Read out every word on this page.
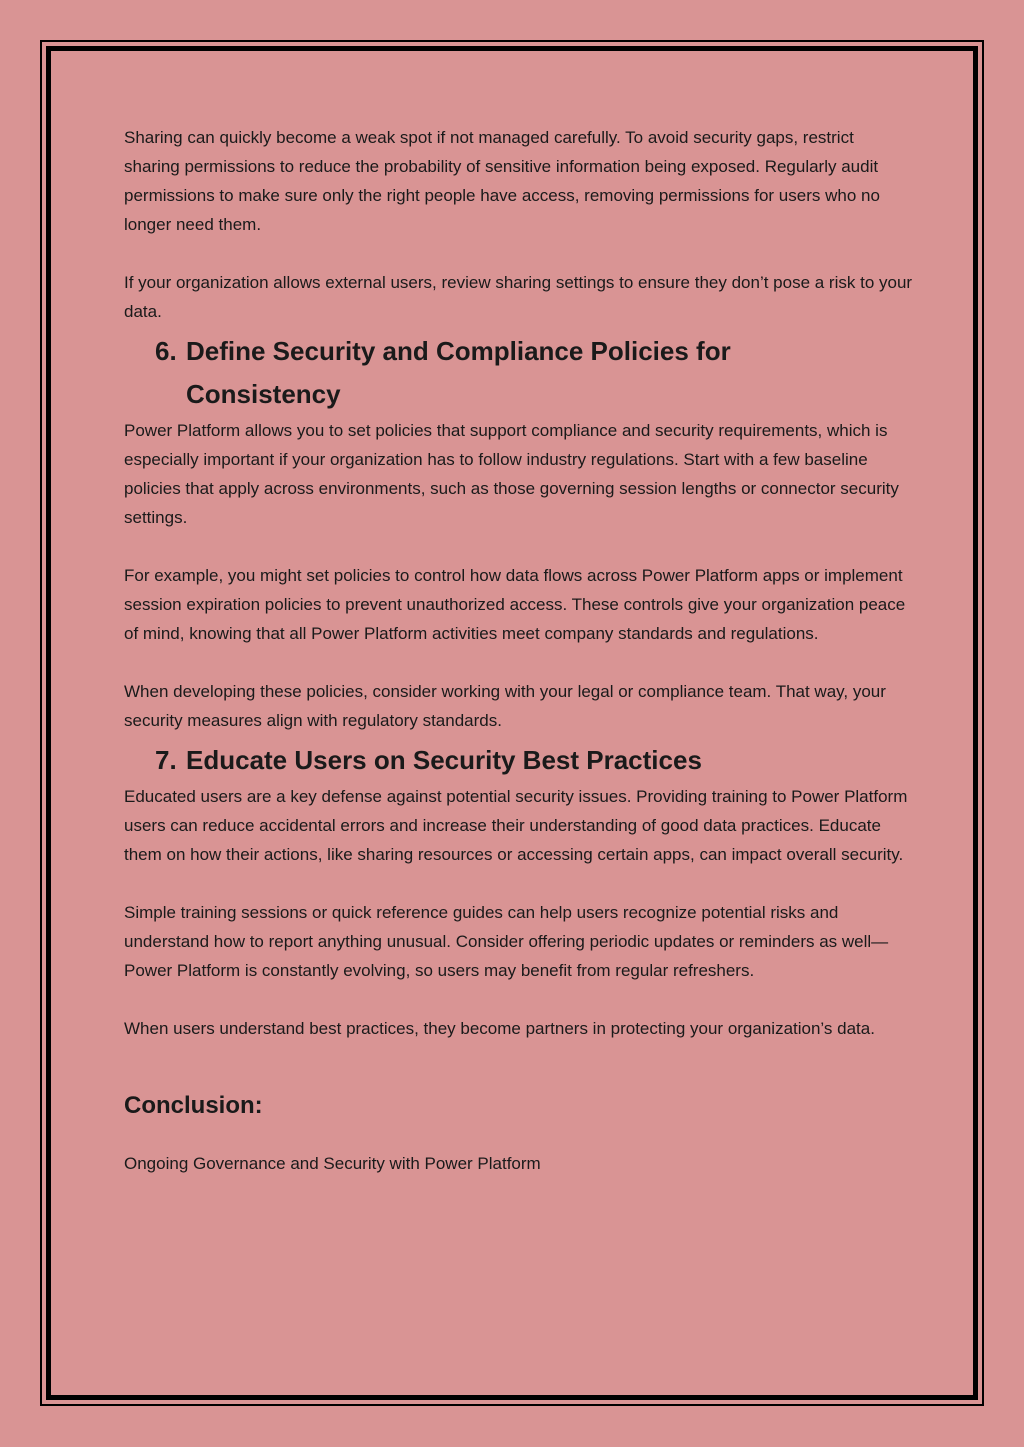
Sharing can quickly become a weak spot if not managed carefully. To avoid security gaps, restrict sharing permissions to reduce the probability of sensitive information being exposed. Regularly audit permissions to make sure only the right people have access, removing permissions for users who no longer need them.

If your organization allows external users, review sharing settings to ensure they don’t pose a risk to your data.

6. Define Security and Compliance Policies for Consistency

Power Platform allows you to set policies that support compliance and security requirements, which is especially important if your organization has to follow industry regulations. Start with a few baseline policies that apply across environments, such as those governing session lengths or connector security settings.

For example, you might set policies to control how data flows across Power Platform apps or implement session expiration policies to prevent unauthorized access. These controls give your organization peace of mind, knowing that all Power Platform activities meet company standards and regulations.

When developing these policies, consider working with your legal or compliance team. That way, your security measures align with regulatory standards.

7. Educate Users on Security Best Practices

Educated users are a key defense against potential security issues. Providing training to Power Platform users can reduce accidental errors and increase their understanding of good data practices. Educate them on how their actions, like sharing resources or accessing certain apps, can impact overall security.

Simple training sessions or quick reference guides can help users recognize potential risks and understand how to report anything unusual. Consider offering periodic updates or reminders as well—Power Platform is constantly evolving, so users may benefit from regular refreshers.

When users understand best practices, they become partners in protecting your organization’s data.

Conclusion:

Ongoing Governance and Security with Power Platform
